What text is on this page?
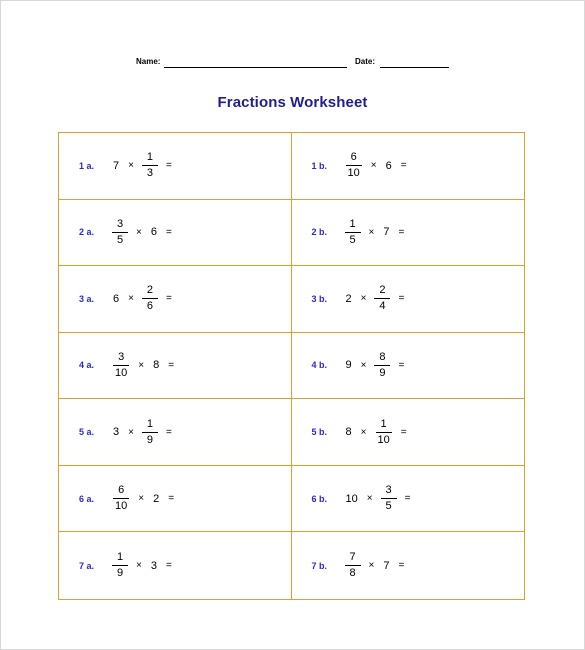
Name:	Date:
Fractions Worksheet
1 a.	$7 \times \frac{1}{3}$ =	1 b.	$\frac{6}{10} \times 6$ =
2 a.	$\frac{3}{5} \times 6$ =	2 b.	$\frac{1}{5} \times 7$ =
3 a.	$6 \times \frac{2}{6}$ =	3 b.	$2 \times \frac{2}{4}$ =
4 a.	$\frac{3}{10} \times 8$ =	4 b.	$9 \times \frac{8}{9}$ =
5 a.	$3 \times \frac{1}{9}$ =	5 b.	$8 \times \frac{1}{10}$ =
6 a.	$\frac{6}{10} \times 2$ =	6 b.	$10 \times \frac{3}{5}$ =
7 a.	$\frac{1}{9} \times 3$ =	7 b.	$\frac{7}{8} \times 7$ =
